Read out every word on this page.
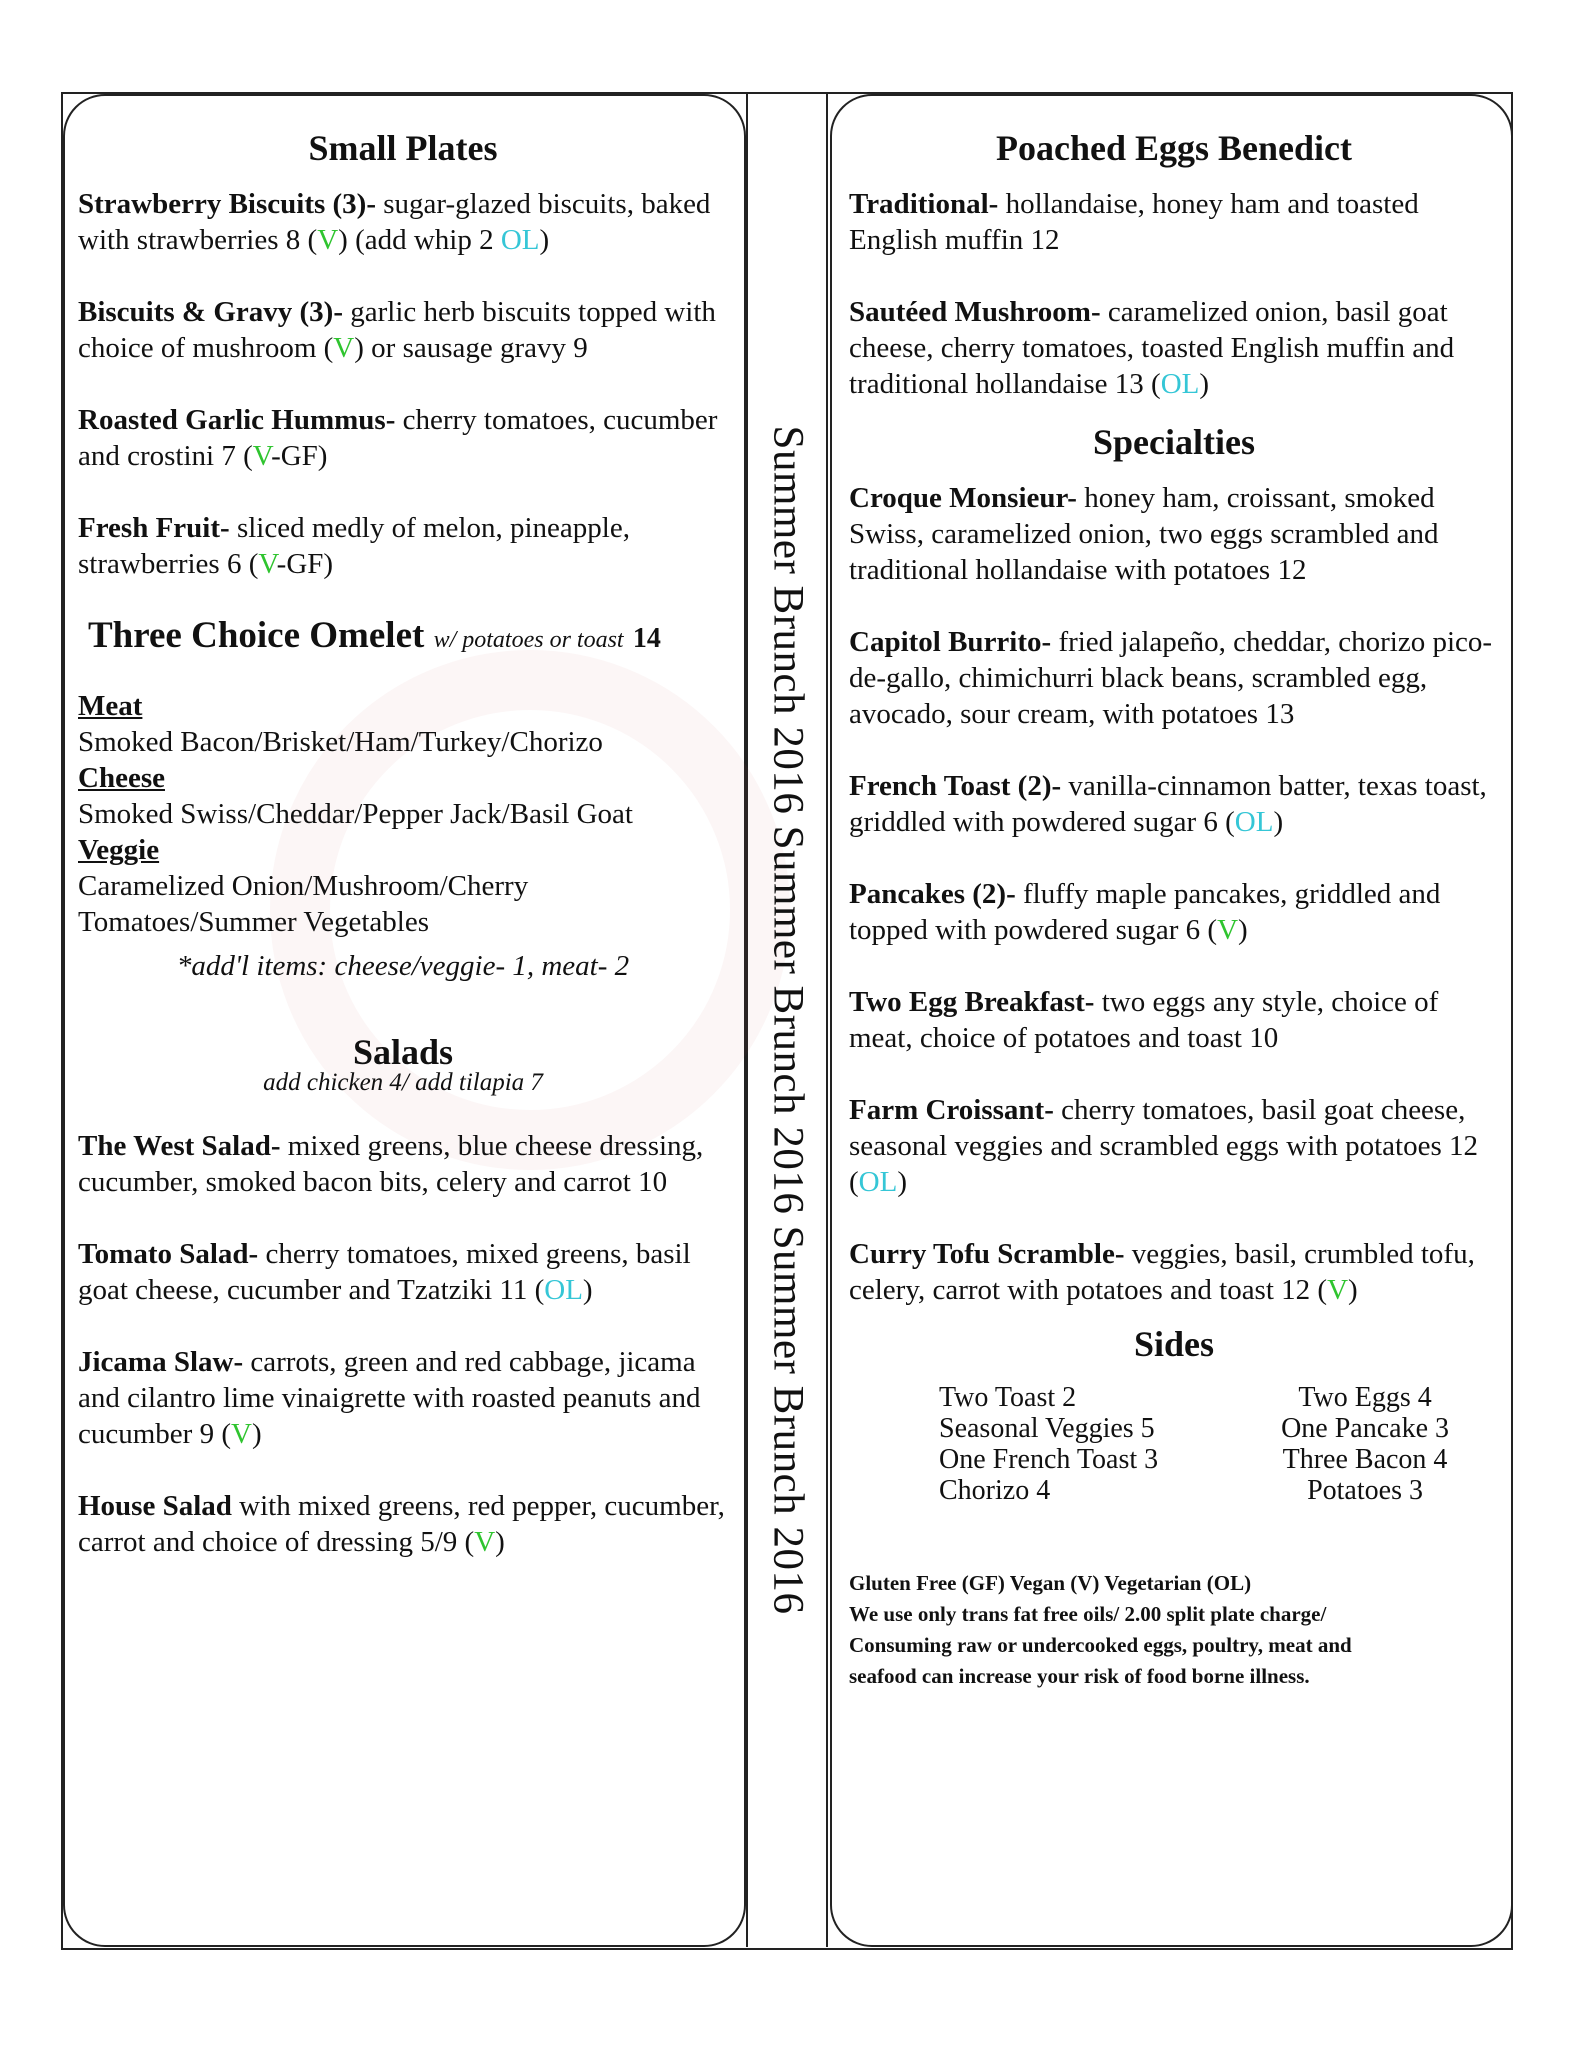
Summer Brunch 2016 Summer Brunch 2016 Summer Brunch 2016
Small Plates
Strawberry Biscuits (3)- sugar-glazed biscuits, baked with strawberries 8 (V) (add whip 2 OL)
Biscuits & Gravy (3)- garlic herb biscuits topped with choice of mushroom (V) or sausage gravy 9
Roasted Garlic Hummus- cherry tomatoes, cucumber and crostini 7 (V-GF)
Fresh Fruit- sliced medly of melon, pineapple, strawberries 6 (V-GF)
Three Choice Omelet w/ potatoes or toast 14
Meat
Smoked Bacon/Brisket/Ham/Turkey/Chorizo
Cheese
Smoked Swiss/Cheddar/Pepper Jack/Basil Goat
Veggie
Caramelized Onion/Mushroom/Cherry Tomatoes/Summer Vegetables
*add'l items: cheese/veggie- 1, meat- 2
Salads
add chicken 4/ add tilapia 7
The West Salad- mixed greens, blue cheese dressing, cucumber, smoked bacon bits, celery and carrot 10
Tomato Salad- cherry tomatoes, mixed greens, basil goat cheese, cucumber and Tzatziki 11 (OL)
Jicama Slaw- carrots, green and red cabbage, jicama and cilantro lime vinaigrette with roasted peanuts and cucumber 9 (V)
House Salad with mixed greens, red pepper, cucumber, carrot and choice of dressing 5/9 (V)
Poached Eggs Benedict
Traditional- hollandaise, honey ham and toasted English muffin 12
Sautéed Mushroom- caramelized onion, basil goat cheese, cherry tomatoes, toasted English muffin and traditional hollandaise 13 (OL)
Specialties
Croque Monsieur- honey ham, croissant, smoked Swiss, caramelized onion, two eggs scrambled and traditional hollandaise with potatoes 12
Capitol Burrito- fried jalapeño, cheddar, chorizo pico-de-gallo, chimichurri black beans, scrambled egg, avocado, sour cream, with potatoes 13
French Toast (2)- vanilla-cinnamon batter, texas toast, griddled with powdered sugar 6 (OL)
Pancakes (2)- fluffy maple pancakes, griddled and topped with powdered sugar 6 (V)
Two Egg Breakfast- two eggs any style, choice of meat, choice of potatoes and toast 10
Farm Croissant- cherry tomatoes, basil goat cheese, seasonal veggies and scrambled eggs with potatoes 12 (OL)
Curry Tofu Scramble- veggies, basil, crumbled tofu, celery, carrot with potatoes and toast 12 (V)
Sides
Two Toast 2
Seasonal Veggies 5
One French Toast 3
Chorizo 4
Two Eggs 4
One Pancake 3
Three Bacon 4
Potatoes 3
Gluten Free (GF) Vegan (V) Vegetarian (OL)
We use only trans fat free oils/ 2.00 split plate charge/
Consuming raw or undercooked eggs, poultry, meat and
seafood can increase your risk of food borne illness.
